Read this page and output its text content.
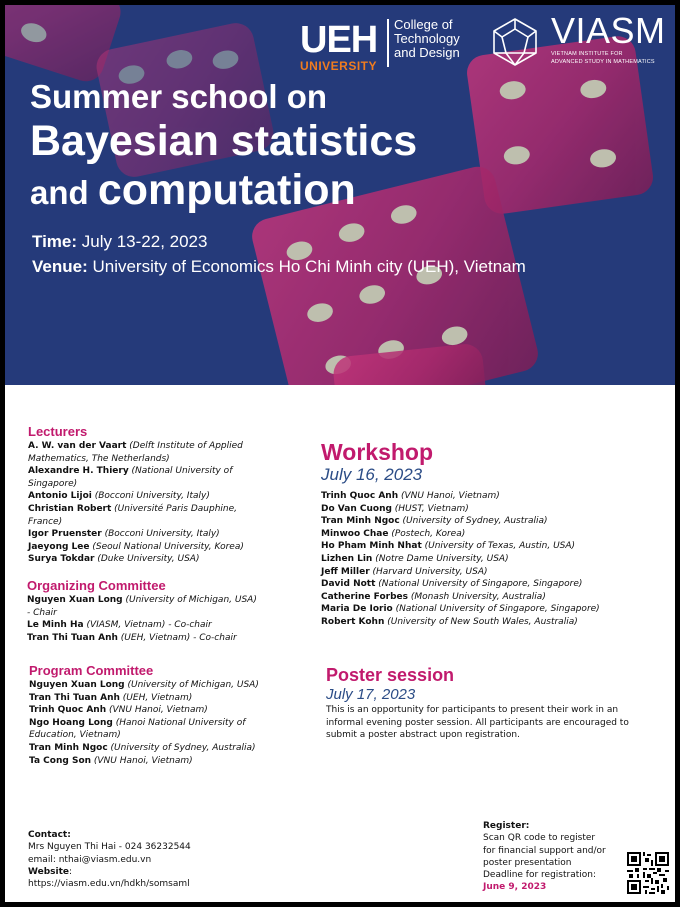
UEH
UNIVERSITY
College of
Technology
and Design
VIASM
VIETNAM INSTITUTE FOR
ADVANCED STUDY IN MATHEMATICS
Summer school on
Bayesian statistics
and computation
Time: July 13-22, 2023
Venue: University of Economics Ho Chi Minh city (UEH), Vietnam
Lecturers
A. W. van der Vaart (Delft Institute of Applied Mathematics, The Netherlands)
Alexandre H. Thiery (National University of Singapore)
Antonio Lijoi (Bocconi University, Italy)
Christian Robert (Université Paris Dauphine, France)
Igor Pruenster (Bocconi University, Italy)
Jaeyong Lee (Seoul National University, Korea)
Surya Tokdar (Duke University, USA)
Organizing Committee
Nguyen Xuan Long (University of Michigan, USA) - Chair
Le Minh Ha (VIASM, Vietnam) - Co-chair
Tran Thi Tuan Anh (UEH, Vietnam) - Co-chair
Program Committee
Nguyen Xuan Long (University of Michigan, USA)
Tran Thi Tuan Anh (UEH, Vietnam)
Trinh Quoc Anh (VNU Hanoi, Vietnam)
Ngo Hoang Long (Hanoi National University of Education, Vietnam)
Tran Minh Ngoc (University of Sydney, Australia)
Ta Cong Son (VNU Hanoi, Vietnam)
Workshop
July 16, 2023
Trinh Quoc Anh (VNU Hanoi, Vietnam)
Do Van Cuong (HUST, Vietnam)
Tran Minh Ngoc (University of Sydney, Australia)
Minwoo Chae (Postech, Korea)
Ho Pham Minh Nhat (University of Texas, Austin, USA)
Lizhen Lin (Notre Dame University, USA)
Jeff Miller (Harvard University, USA)
David Nott (National University of Singapore, Singapore)
Catherine Forbes (Monash University, Australia)
Maria De Iorio (National University of Singapore, Singapore)
Robert Kohn (University of New South Wales, Australia)
Poster session
July 17, 2023
This is an opportunity for participants to present their work in an informal evening poster session. All participants are encouraged to submit a poster abstract upon registration.
Contact:
Mrs Nguyen Thi Hai - 024 36232544
email: nthai@viasm.edu.vn
Website:
https://viasm.edu.vn/hdkh/somsaml
Register:
Scan QR code to register
for financial support and/or
poster presentation
Deadline for registration:
June 9, 2023
